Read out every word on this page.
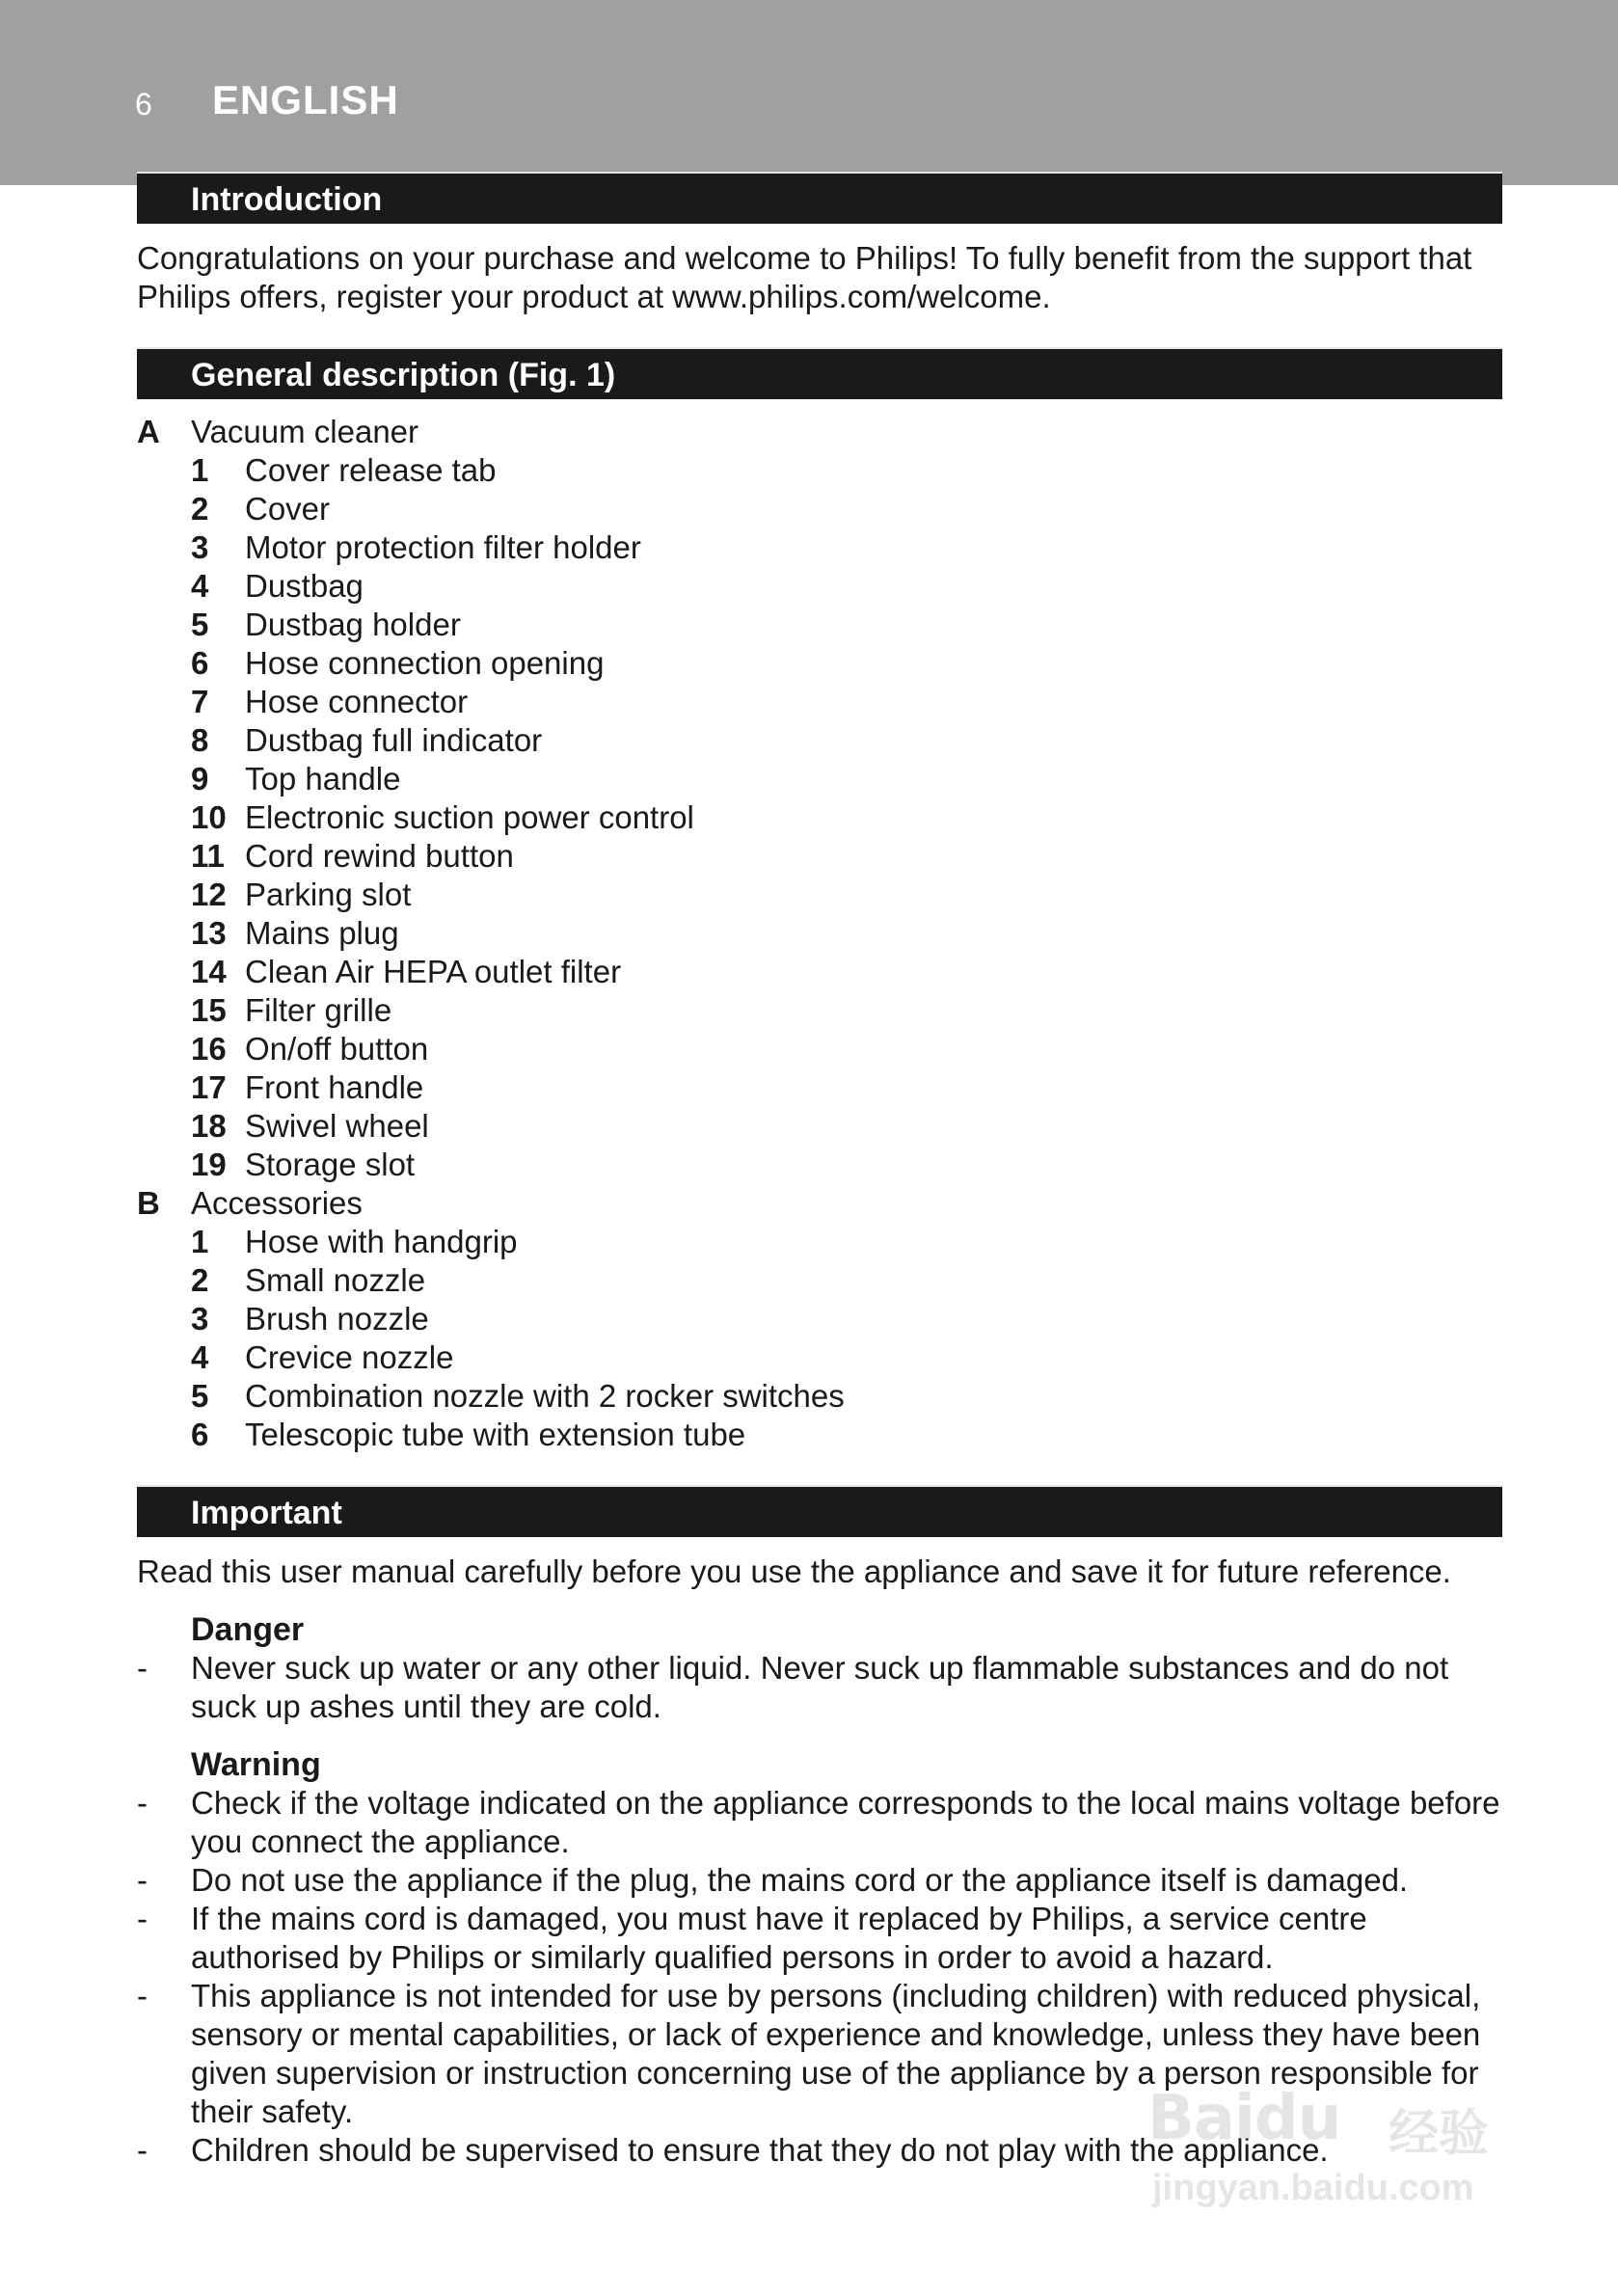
6 ENGLISH
Introduction

Congratulations on your purchase and welcome to Philips! To fully benefit from the support that Philips offers, register your product at www.philips.com/welcome.

General description (Fig. 1)
A Vacuum cleaner
1	Cover release tab
2	Cover
3	Motor protection filter holder
4	Dustbag
5	Dustbag holder
6	Hose connection opening
7	Hose connector
8	Dustbag full indicator
9	Top handle
10 Electronic suction power control
11 Cord rewind button
12 Parking slot
13 Mains plug
14 Clean Air HEPA outlet filter
15 Filter grille
16 On/off button
17 Front handle
18 Swivel wheel
19 Storage slot
B Accessories
1	Hose with handgrip
2	Small nozzle
3	Brush nozzle
4	Crevice nozzle
5	Combination nozzle with 2 rocker switches
6	Telescopic tube with extension tube
Important

Read this user manual carefully before you use the appliance and save it for future reference.

Danger
-	Never suck up water or any other liquid. Never suck up flammable substances and do not suck up ashes until they are cold.
Warning
-	Check if the voltage indicated on the appliance corresponds to the local mains voltage before you connect the appliance.
-	Do not use the appliance if the plug, the mains cord or the appliance itself is damaged.
-	If the mains cord is damaged, you must have it replaced by Philips, a service centre authorised by Philips or similarly qualified persons in order to avoid a hazard.
-	This appliance is not intended for use by persons (including children) with reduced physical, sensory or mental capabilities, or lack of experience and knowledge, unless they have been given supervision or instruction concerning use of the appliance by a person responsible for their safety.
-	Children should be supervised to ensure that they do not play with the appliance.
Baidu 经验
jingyan.baidu.com
